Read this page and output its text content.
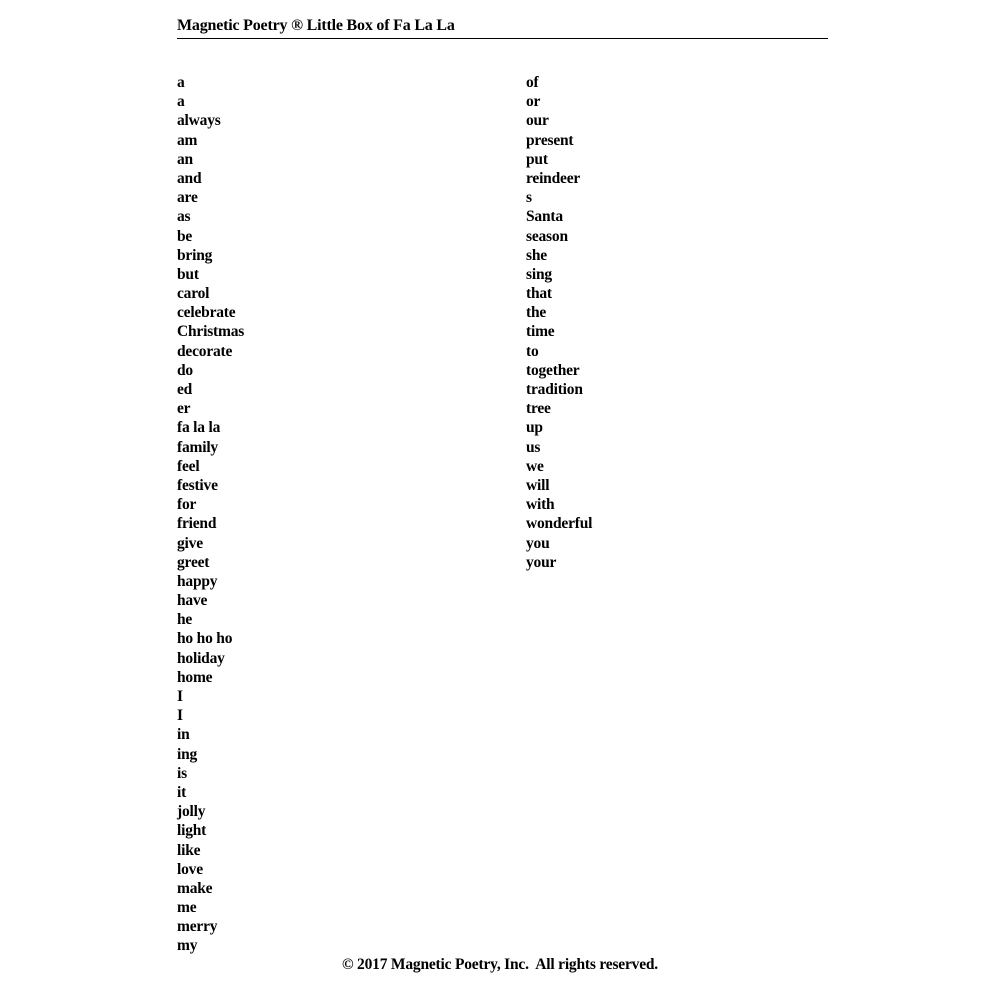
Magnetic Poetry ® Little Box of Fa La La
a
a
always
am
an
and
are
as
be
bring
but
carol
celebrate
Christmas
decorate
do
ed
er
fa la la
family
feel
festive
for
friend
give
greet
happy
have
he
ho ho ho
holiday
home
I
I
in
ing
is
it
jolly
light
like
love
make
me
merry
my
of
or
our
present
put
reindeer
s
Santa
season
she
sing
that
the
time
to
together
tradition
tree
up
us
we
will
with
wonderful
you
your
© 2017 Magnetic Poetry, Inc.  All rights reserved.
